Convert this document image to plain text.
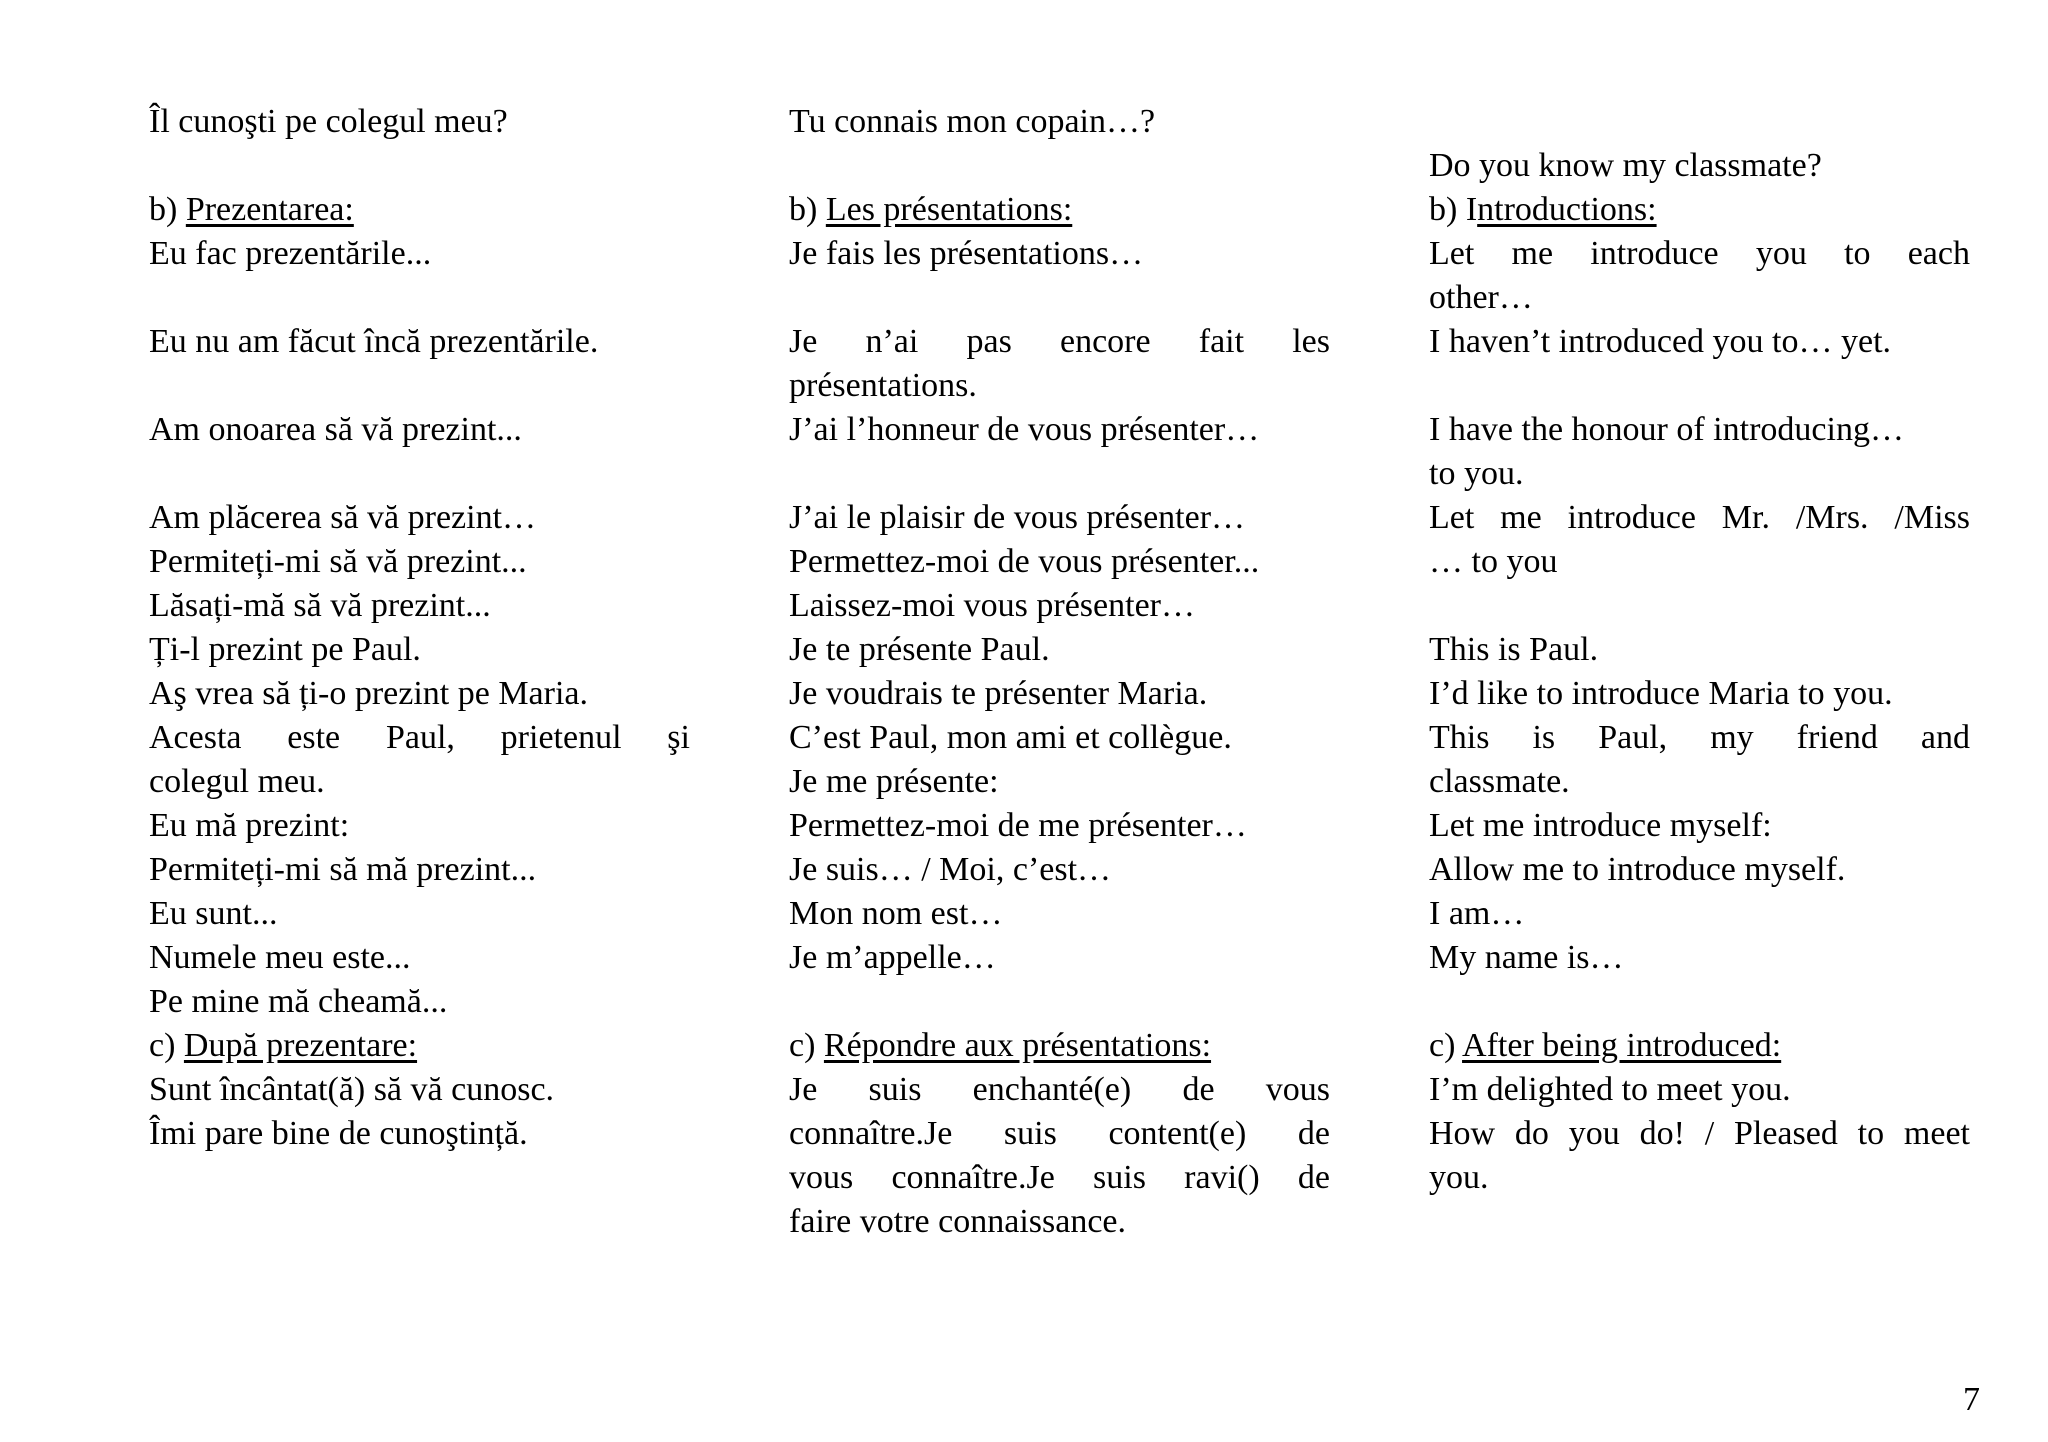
Îl cunoşti pe colegul meu?
b) Prezentarea:
Eu fac prezentările...
Eu nu am făcut încă prezentările.
Am onoarea să vă prezint...
Am plăcerea să vă prezint…
Permiteți-mi să vă prezint...
Lăsați-mă să vă prezint...
Ți-l prezint pe Paul.
Aş vrea să ți-o prezint pe Maria.
Acesta este Paul, prietenul şi
colegul meu.
Eu mă prezint:
Permiteți-mi să mă prezint...
Eu sunt...
Numele meu este...
Pe mine mă cheamă...
c) După prezentare:
Sunt încântat(ă) să vă cunosc.
Îmi pare bine de cunoştință.
Tu connais mon copain…?
b) Les présentations:
Je fais les présentations…
Je n’ai pas encore fait les
présentations.
J’ai l’honneur de vous présenter…
J’ai le plaisir de vous présenter…
Permettez-moi de vous présenter...
Laissez-moi vous présenter…
Je te présente Paul.
Je voudrais te présenter Maria.
C’est Paul, mon ami et collègue.
Je me présente:
Permettez-moi de me présenter…
Je suis… / Moi, c’est…
Mon nom est…
Je m’appelle…
c) Répondre aux présentations:
Je suis enchanté(e) de vous
connaître.Je suis content(e) de
vous connaître.Je suis ravi() de
faire votre connaissance.
Do you know my classmate?
b) Introductions:
Let me introduce you to each
other…
I haven’t introduced you to… yet.
I have the honour of introducing…
to you.
Let me introduce Mr. /Mrs. /Miss
… to you
This is Paul.
I’d like to introduce Maria to you.
This is Paul, my friend and
classmate.
Let me introduce myself:
Allow me to introduce myself.
I am…
My name is…
c) After being introduced:
I’m delighted to meet you.
How do you do! / Pleased to meet
you.
7
